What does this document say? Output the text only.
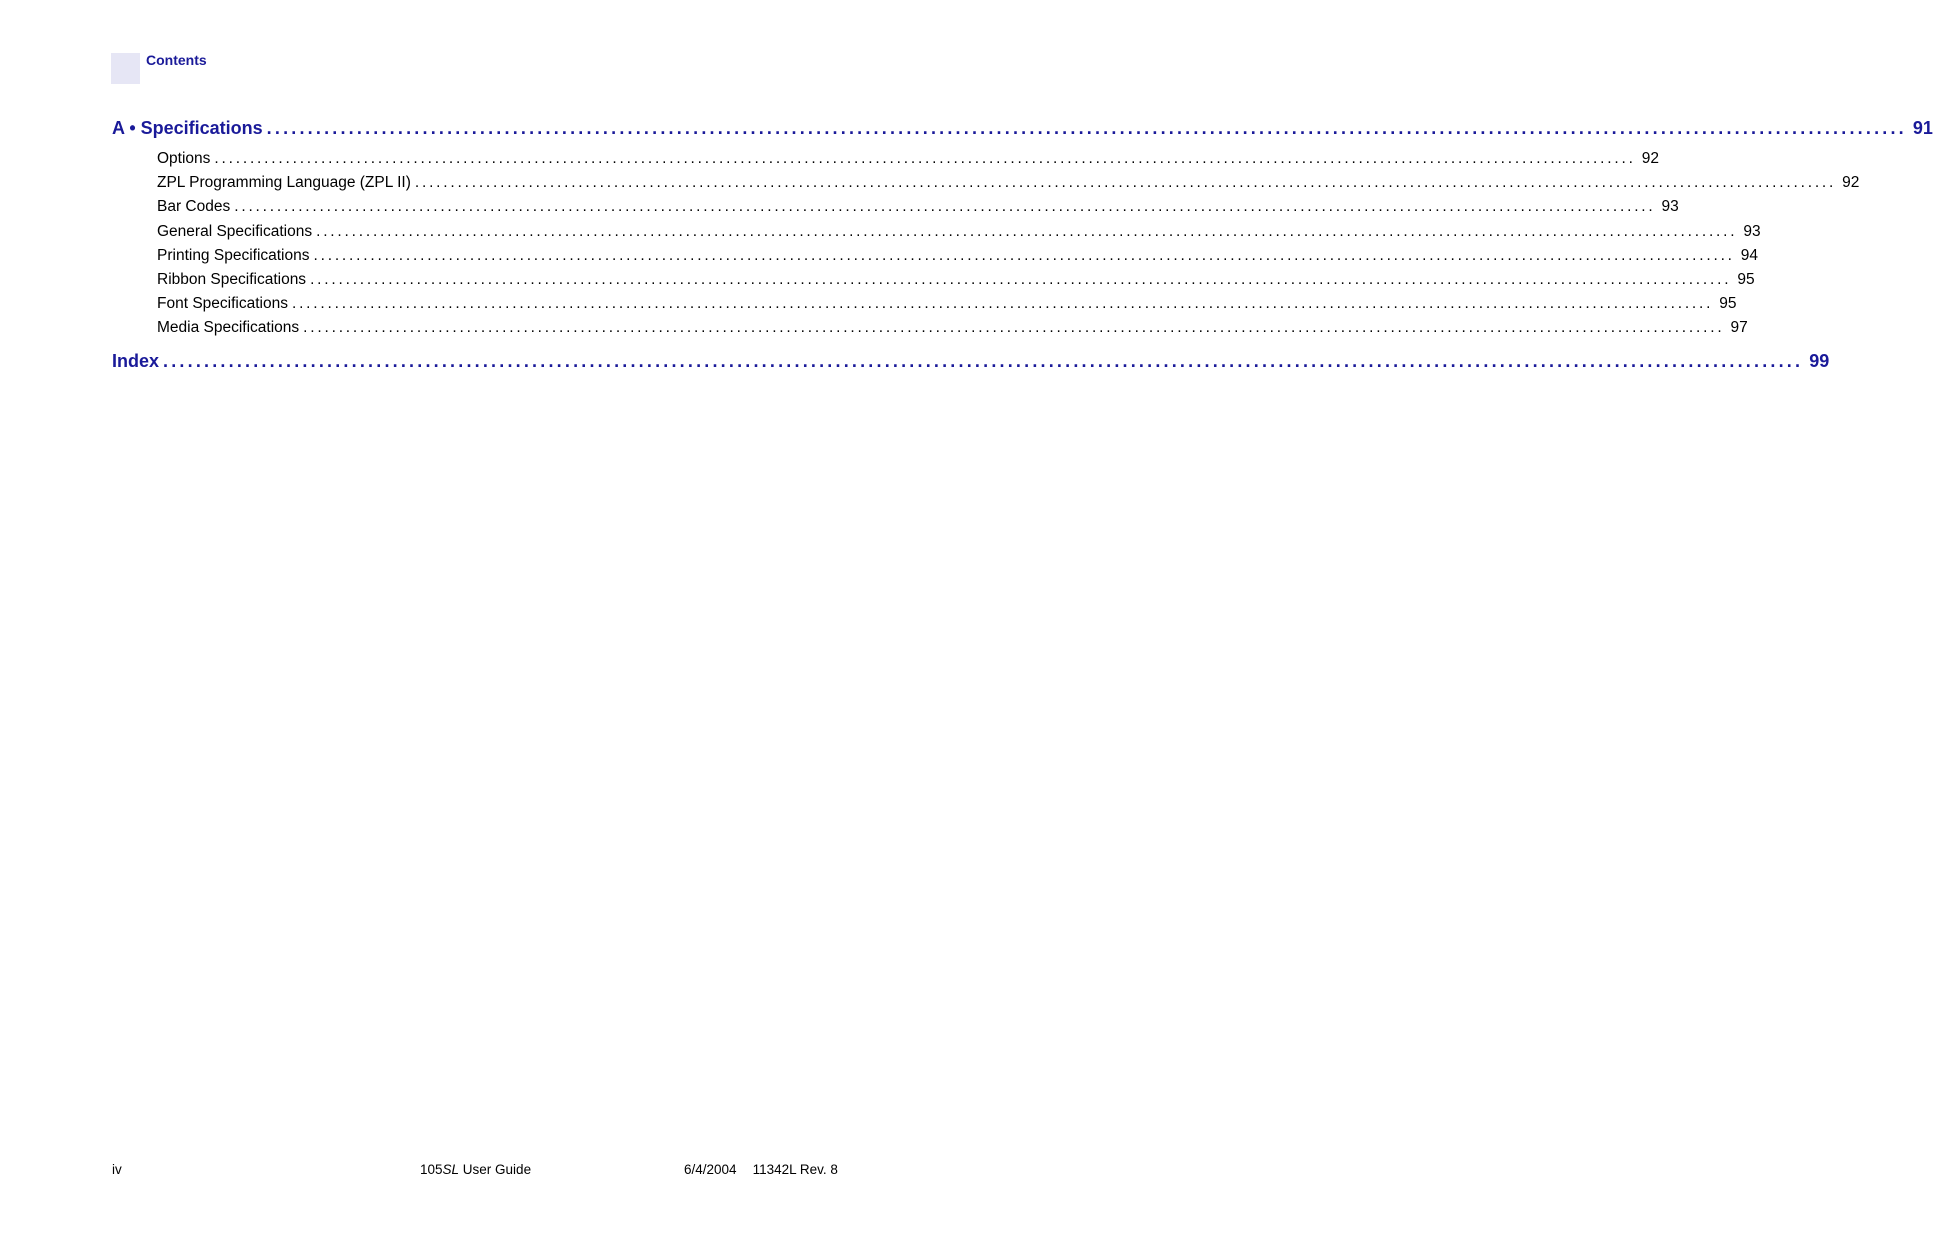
Contents
A • Specifications ........................................................................................................................................................................................................ 91
Options ........................................................................................................................................................................................................ 92
ZPL Programming Language (ZPL II) ........................................................................................................................................................................................................ 92
Bar Codes ........................................................................................................................................................................................................ 93
General Specifications ........................................................................................................................................................................................................ 93
Printing Specifications ........................................................................................................................................................................................................ 94
Ribbon Specifications ........................................................................................................................................................................................................ 95
Font Specifications ........................................................................................................................................................................................................ 95
Media Specifications ........................................................................................................................................................................................................ 97
Index ........................................................................................................................................................................................................ 99
iv	105SL User Guide	6/4/2004 11342L Rev. 8
